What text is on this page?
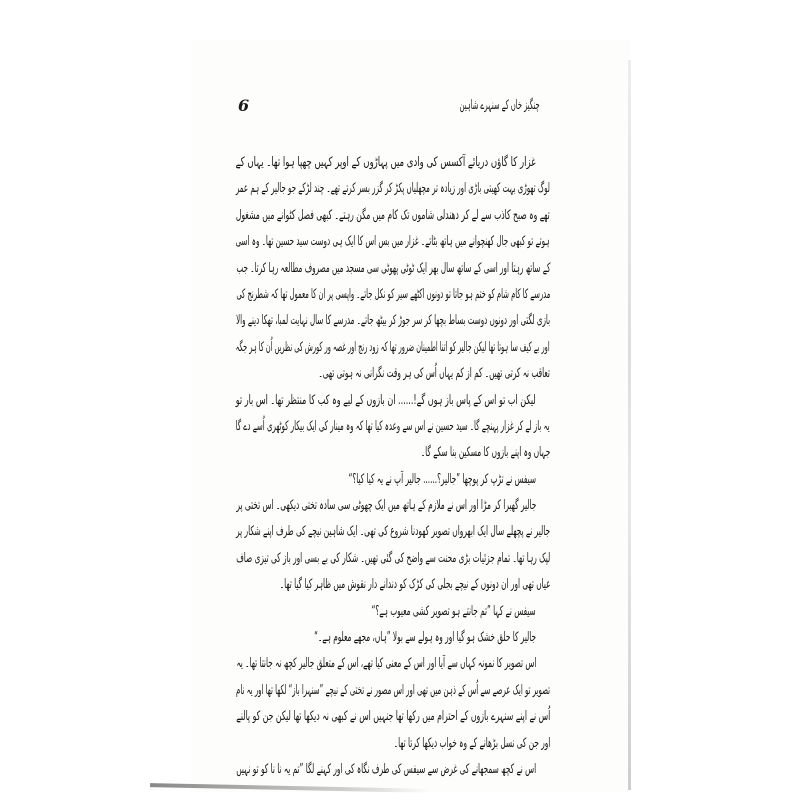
6	چنگیز خاں کے سنہرے شاہین
غزار کا گاؤں دریائے آکسس کی وادی میں پہاڑوں کے اوپر کہیں چھپا ہوا تھا۔ یہاں کے
لوگ تھوڑی بہت کھیتی باڑی اور زیادہ تر مچھلیاں پکڑ کر گزر بسر کرتے تھے۔ چند لڑکے جو جالیر کے ہم عمر
تھے وہ صبح کاذب سے لے کر دھندلی شاموں تک کام میں مگن رہتے۔ کبھی فصل کٹوانے میں مشغول
ہوتے تو کبھی جال کھنچوانے میں ہاتھ بٹاتے۔ غزار میں بس اس کا ایک ہی دوست سید حسین تھا۔ وہ اسی
کے ساتھ رہتا اور اسی کے ساتھ سال بھر ایک ٹوٹی پھوٹی سی مسجد میں مصروف مطالعہ رہا کرتا۔ جب
مدرسے کا کام شام کو ختم ہو جاتا تو دونوں اکٹھے سیر کو نکل جاتے۔ واپسی پر ان کا معمول تھا کہ شطرنج کی
بازی لگتی اور دونوں دوست بساط بچھا کر سر جوڑ کر بیٹھ جاتے۔ مدرسے کا سال نہایت لمبا، تھکا دینے والا
اور بے کیف سا ہوتا تھا لیکن جالیر کو اتنا اطمینان ضرور تھا کہ زود رنج اور غصہ ور کورش کی نظریں اُن کا ہر جگہ
تعاقب نہ کرتی تھیں۔ کم از کم یہاں اُس کی ہر وقت نگرانی نہ ہوتی تھی۔
لیکن اب تو اس کے پاس باز ہوں گے!...... ان بازوں کے لیے وہ کب کا منتظر تھا۔ اس بار تو
یہ باز لے کر غزار پہنچے گا۔ سید حسین نے اس سے وعدہ کیا تھا کہ وہ مینار کی ایک بیکار کوٹھری اُسے دے گا
جہاں وہ اپنے بازوں کا مسکین بنا سکے گا۔
سیفس نے تڑپ کر پوچھا ”جالیر؟...... جالیر آپ نے یہ کیا کیا؟“
جالیر گھبرا کر مڑا اور اس نے ملازم کے ہاتھ میں ایک چھوٹی سی سادہ تختی دیکھی۔ اس تختی پر
جالیر نے پچھلے سال ایک ابھرواں تصویر کھودنا شروع کی تھی۔ ایک شاہین نیچے کی طرف اپنے شکار پر
لپک رہا تھا۔ تمام جزئیات بڑی محنت سے واضح کی گئی تھیں۔ شکار کی بے بسی اور باز کی تیزی صاف
عیاں تھی اور ان دونوں کے نیچے بجلی کی کڑک کو دندانے دار نقوش میں ظاہر کیا گیا تھا۔
سیفس نے کہا ”تم جانتے ہو تصویر کشی معیوب ہے؟“
جالیر کا حلق خشک ہو گیا اور وہ ہولے سے بولا ”ہاں، مجھے معلوم ہے۔“
اس تصویر کا نمونہ کہاں سے آیا اور اس کے معنی کیا تھے، اس کے متعلق جالیر کچھ نہ جانتا تھا۔ یہ
تصویر تو ایک عرصے سے اُس کے ذہن میں تھی اور اس مصور نے تختی کے نیچے ”سنہرا باز“ لکھا تھا اور یہ نام
اُس نے اپنے سنہرے بازوں کے احترام میں رکھا تھا جنہیں اس نے کبھی نہ دیکھا تھا لیکن جن کو پالنے
اور جن کی نسل بڑھانے کے وہ خواب دیکھا کرتا تھا۔
اس نے کچھ سمجھانے کی غرض سے سیفس کی طرف نگاہ کی اور کہنے لگا ”تم یہ نا نا کو تو نہیں
